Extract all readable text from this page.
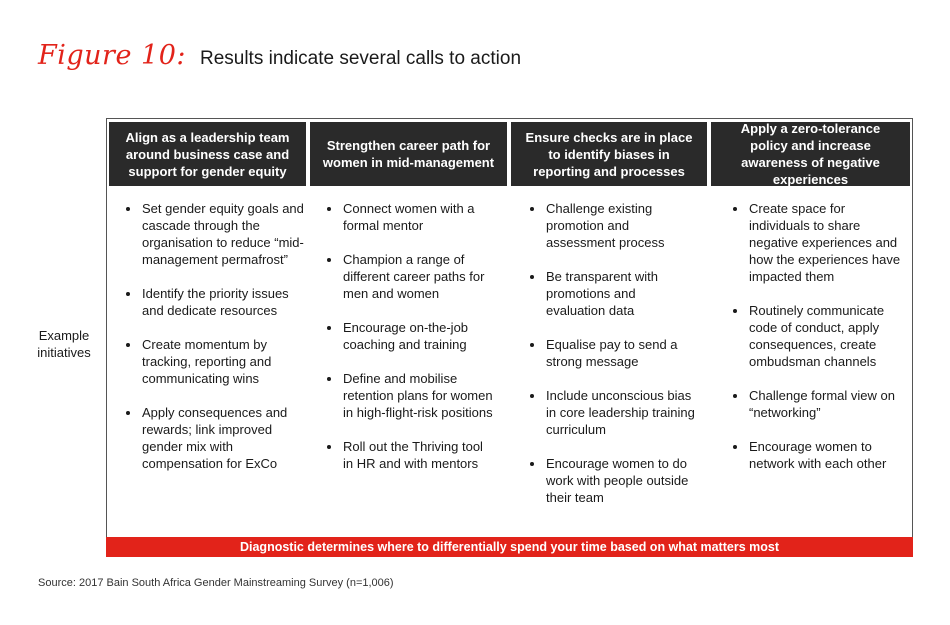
Figure 10: Results indicate several calls to action
Align as a leadership team around business case and support for gender equity
Strengthen career path for women in mid-management
Ensure checks are in place to identify biases in reporting and processes
Apply a zero-tolerance policy and increase awareness of negative experiences
Example initiatives
Set gender equity goals and cascade through the organisation to reduce “mid-management permafrost”
Identify the priority issues and dedicate resources
Create momentum by tracking, reporting and communicating wins
Apply consequences and rewards; link improved gender mix with compensation for ExCo
Connect women with a formal mentor
Champion a range of different career paths for men and women
Encourage on-the-job coaching and training
Define and mobilise retention plans for women in high-flight-risk positions
Roll out the Thriving tool in HR and with mentors
Challenge existing promotion and assessment process
Be transparent with promotions and evaluation data
Equalise pay to send a strong message
Include unconscious bias in core leadership training curriculum
Encourage women to do work with people outside their team
Create space for individuals to share negative experiences and how the experiences have impacted them
Routinely communicate code of conduct, apply consequences, create ombudsman channels
Challenge formal view on “networking”
Encourage women to network with each other
Diagnostic determines where to differentially spend your time based on what matters most
Source: 2017 Bain South Africa Gender Mainstreaming Survey (n=1,006)
